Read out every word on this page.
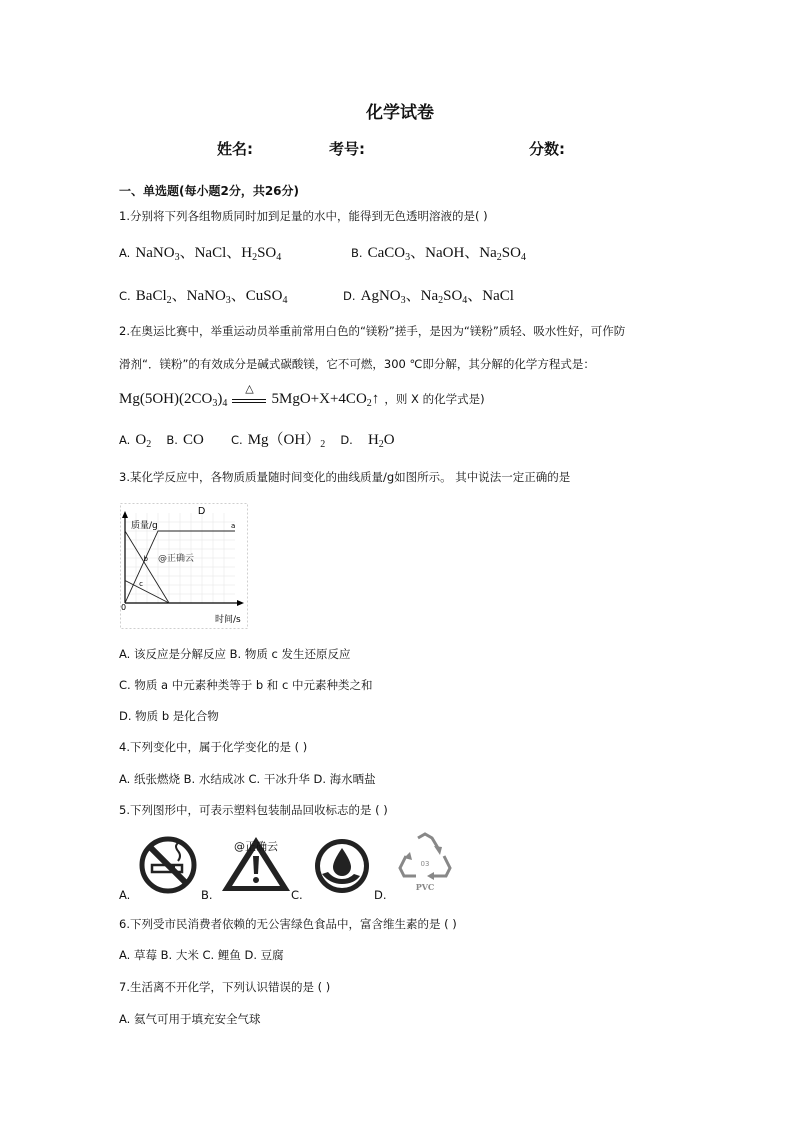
化学试卷
姓名:	考号:	分数:
一、单选题(每小题2分，共26分)
1.分别将下列各组物质同时加到足量的水中，能得到无色透明溶液的是( )
A. NaNO$_3$、NaCl、$H_2SO_4$	B. CaCO$_3$、NaOH、$Na_2SO_4$
C. BaCl$_2$、NaNO$_3$、CuSO$_4$	D. AgNO$_3$、$Na_2SO_4$、NaCl
2.在奥运比赛中，举重运动员举重前常用白色的“镁粉”搓手，是因为“镁粉”质轻、吸水性好，可作防
滑剂“．镁粉”的有效成分是碱式碳酸镁，它不可燃，300 ℃即分解，其分解的化学方程式是：
$Mg(5OH)(2CO_3)_4$
△
$5MgO+X+4CO_2↑$ ，则 X 的化学式是)
A. $O_2$ B. CO C. $Mg(OH)_2$ D. $H_2O$
3.某化学反应中，各物质质量随时间变化的曲线质量/g如图所示。 其中说法一定正确的是
a
b
c
D
质量/g
@正确云
0
时间/s
A. 该反应是分解反应 B. 物质 c 发生还原反应
C. 物质 a 中元素种类等于 b 和 c 中元素种类之和
D. 物质 b 是化合物
4.下列变化中，属于化学变化的是 ( )
A. 纸张燃烧 B. 水结成冰 C. 干冰升华 D. 海水晒盐
5.下列图形中，可表示塑料包装制品回收标志的是 ( )
A.	B.
@正确云
C.	D.
03
PVC
6.下列受市民消费者依赖的无公害绿色食品中，富含维生素的是 ( )
A. 草莓 B. 大米 C. 鲤鱼 D. 豆腐
7.生活离不开化学，下列认识错误的是 ( )
A. 氦气可用于填充安全气球
